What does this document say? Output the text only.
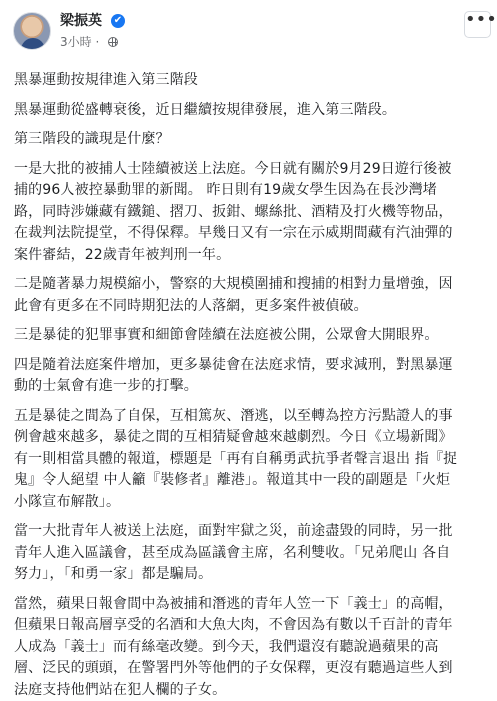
梁振英 ✔
3小時 ·
•••
黑暴運動按規律進入第三階段
黑暴運動從盛轉衰後，近日繼續按規律發展，進入第三階段。
第三階段的識現是什麼？
一是大批的被捕人士陸續被送上法庭。今日就有關於9月29日遊行後被
捕的96人被控暴動罪的新聞。 昨日則有19歲女學生因為在長沙灣堵
路，同時涉嫌藏有鐵鎚、摺刀、扳鉗、螺絲批、酒精及打火機等物品，
在裁判法院提堂，不得保釋。早幾日又有一宗在示威期間藏有汽油彈的
案件審結，22歲青年被判刑一年。
二是隨著暴力規模縮小，警察的大規模圍捕和搜捕的相對力量增強，因
此會有更多在不同時期犯法的人落網，更多案件被偵破。
三是暴徒的犯罪事實和細節會陸續在法庭被公開，公眾會大開眼界。
四是隨着法庭案件增加，更多暴徒會在法庭求情，要求減刑，對黑暴運
動的士氣會有進一步的打擊。
五是暴徒之間為了自保，互相篤灰、潛逃，以至轉為控方污點證人的事
例會越來越多，暴徒之間的互相猜疑會越來越劇烈。今日《立場新聞》
有一則相當具體的報道，標題是「再有自稱勇武抗爭者聲言退出 指『捉
鬼』令人絕望 中人籲『裝修者』離港」。報道其中一段的副題是「火炬
小隊宣布解散」。
當一大批青年人被送上法庭，面對牢獄之災，前途盡毀的同時，另一批
青年人進入區議會，甚至成為區議會主席，名利雙收。「兄弟爬山 各自
努力」，「和勇一家」都是騙局。
當然，蘋果日報會間中為被捕和潛逃的青年人笠一下「義士」的高帽，
但蘋果日報高層享受的名酒和大魚大肉，不會因為有數以千百計的青年
人成為「義士」而有絲毫改變。到今天，我們還沒有聽說過蘋果的高
層、泛民的頭頭，在警署門外等他們的子女保釋，更沒有聽過這些人到
法庭支持他們站在犯人欄的子女。
